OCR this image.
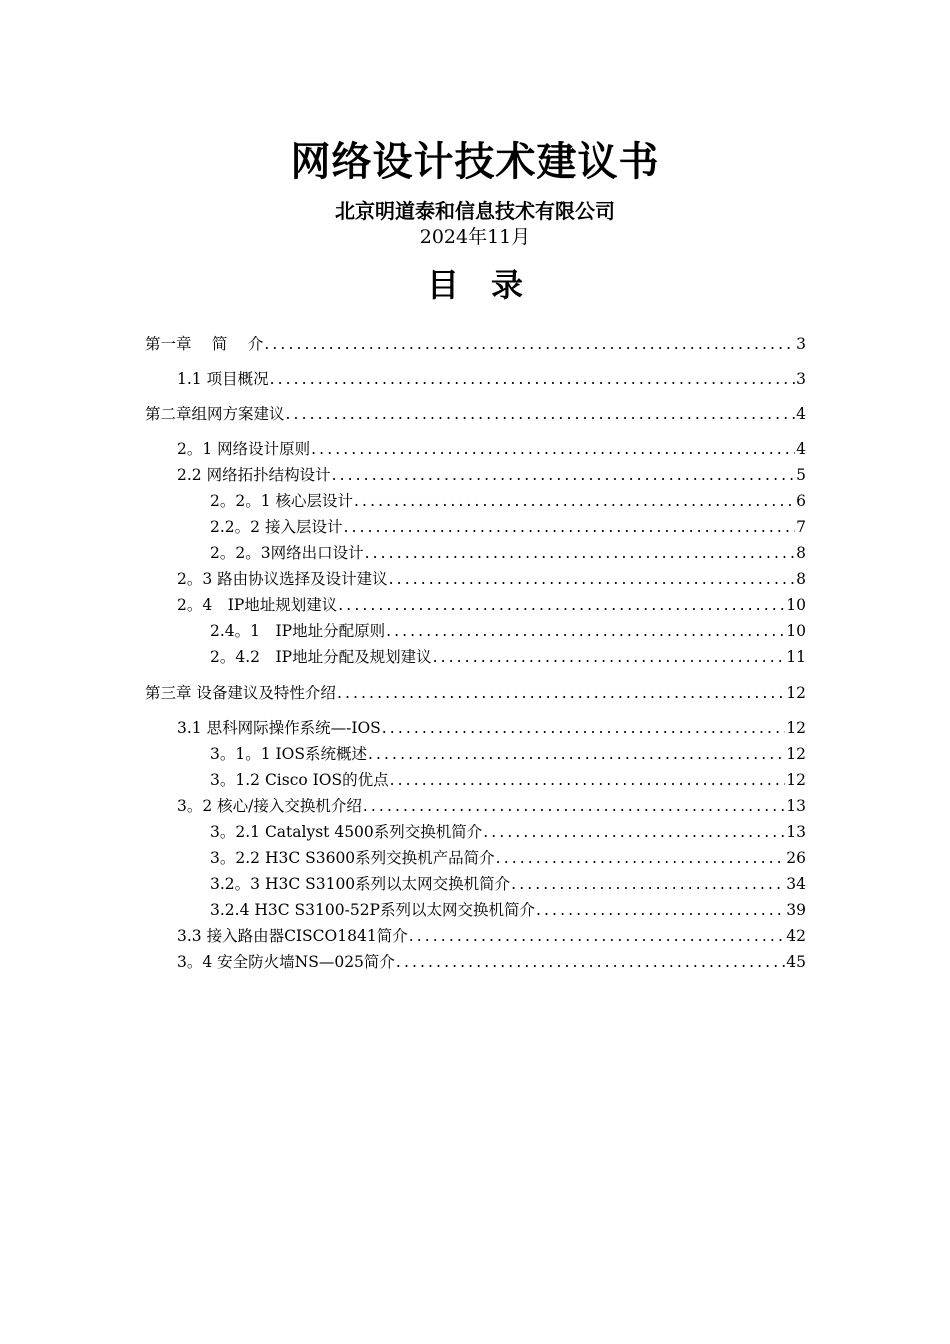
网络设计技术建议书
北京明道泰和信息技术有限公司
2024年11月
目　录
第一章　 简　 介 .....	3
1.1 项目概况 .....	3
第二章组网方案建议 .....	4
2。1 网络设计原则 .....	4
2.2 网络拓扑结构设计 .....	5
2。2。1 核心层设计 .....	6
2.2。2 接入层设计 .....	7
2。2。3网络出口设计 .....	8
2。3 路由协议选择及设计建议 .....	8
2。4　IP地址规划建议 .....	10
2.4。1　IP地址分配原则 .....	10
2。4.2　IP地址分配及规划建议 .....	11
第三章 设备建议及特性介绍 .....	12
3.1 思科网际操作系统—-IOS .....	12
3。1。1 IOS系统概述 .....	12
3。1.2 Cisco IOS的优点 .....	12
3。2 核心/接入交换机介绍 .....	13
3。2.1 Catalyst 4500系列交换机简介 .....	13
3。2.2 H3C S3600系列交换机产品简介 .....	26
3.2。3 H3C S3100系列以太网交换机简介 .....	34
3.2.4 H3C S3100-52P系列以太网交换机简介 .....	39
3.3 接入路由器CISCO1841简介 .....	42
3。4 安全防火墙NS—025简介 .....	45
